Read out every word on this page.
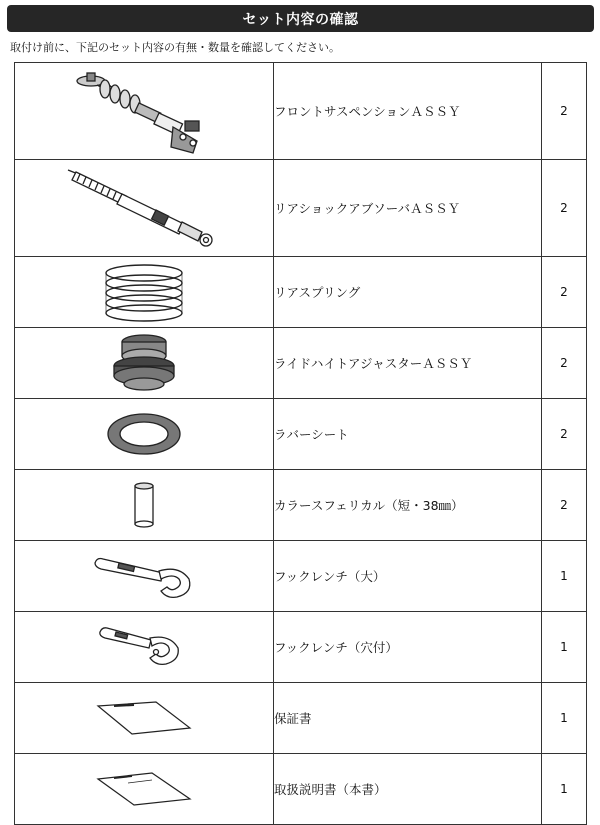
セット内容の確認
取付け前に、下記のセット内容の有無・数量を確認してください。
	フロントサスペンションＡＳＳＹ	2

	リアショックアブソーバＡＳＳＹ	2

	リアスプリング	2

	ライドハイトアジャスターＡＳＳＹ	2

	ラバーシート	2

	カラースフェリカル（短・38㎜）	2

	フックレンチ（大）	1

	フックレンチ（穴付）	1

	保証書	1

	取扱説明書（本書）	1
